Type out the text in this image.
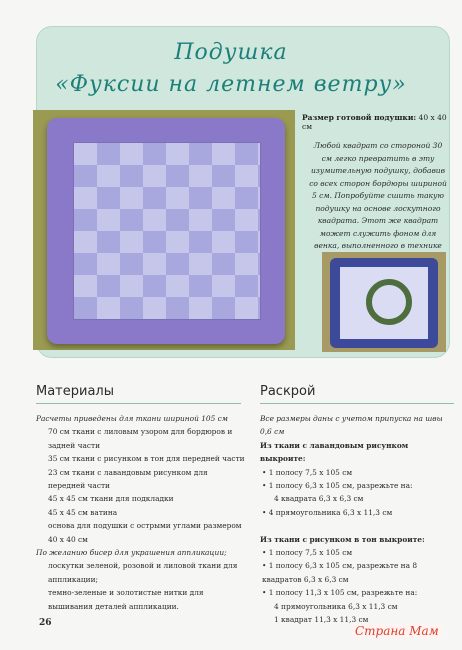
Подушка
«Фуксии на летнем ветру»
Размер готовой подушки: 40 х 40 см
Любой квадрат со стороной 30 см легко превратить в эту изумительную подушку, добавив со всех сторон бордюры шириной 5 см. Попробуйте сшить такую подушку на основе лоскутного квадрата. Этот же квадрат может служить фоном для венка, выполненного в технике
Материалы

Расчеты приведены для ткани шириной 105 см

70 см ткани с лиловым узором для бордюров и задней части

35 см ткани с рисунком в тон для передней части

23 см ткани с лавандовым рисунком для передней части

45 х 45 см ткани для подкладки

45 х 45 см ватина

основа для подушки с острыми углами размером 40 х 40 см

По желанию бисер для украшения аппликации;

лоскутки зеленой, розовой и лиловой ткани для аппликации;

темно-зеленые и золотистые нитки для вышивания деталей аппликации.

Раскрой

Все размеры даны с учетом припуска на швы 0,6 см

Из ткани с лавандовым рисунком выкроите:

• 1 полосу 7,5 х 105 см

• 1 полосу 6,3 х 105 см, разрежьте на:

4 квадрата 6,3 х 6,3 см

• 4 прямоугольника 6,3 х 11,3 см

Из ткани с рисунком в тон выкроите:

• 1 полосу 7,5 х 105 см

• 1 полосу 6,3 х 105 см, разрежьте на 8 квадратов 6,3 х 6,3 см

• 1 полосу 11,3 х 105 см, разрежьте на:

4 прямоугольника 6,3 х 11,3 см

1 квадрат 11,3 х 11,3 см

26
Страна Мам
